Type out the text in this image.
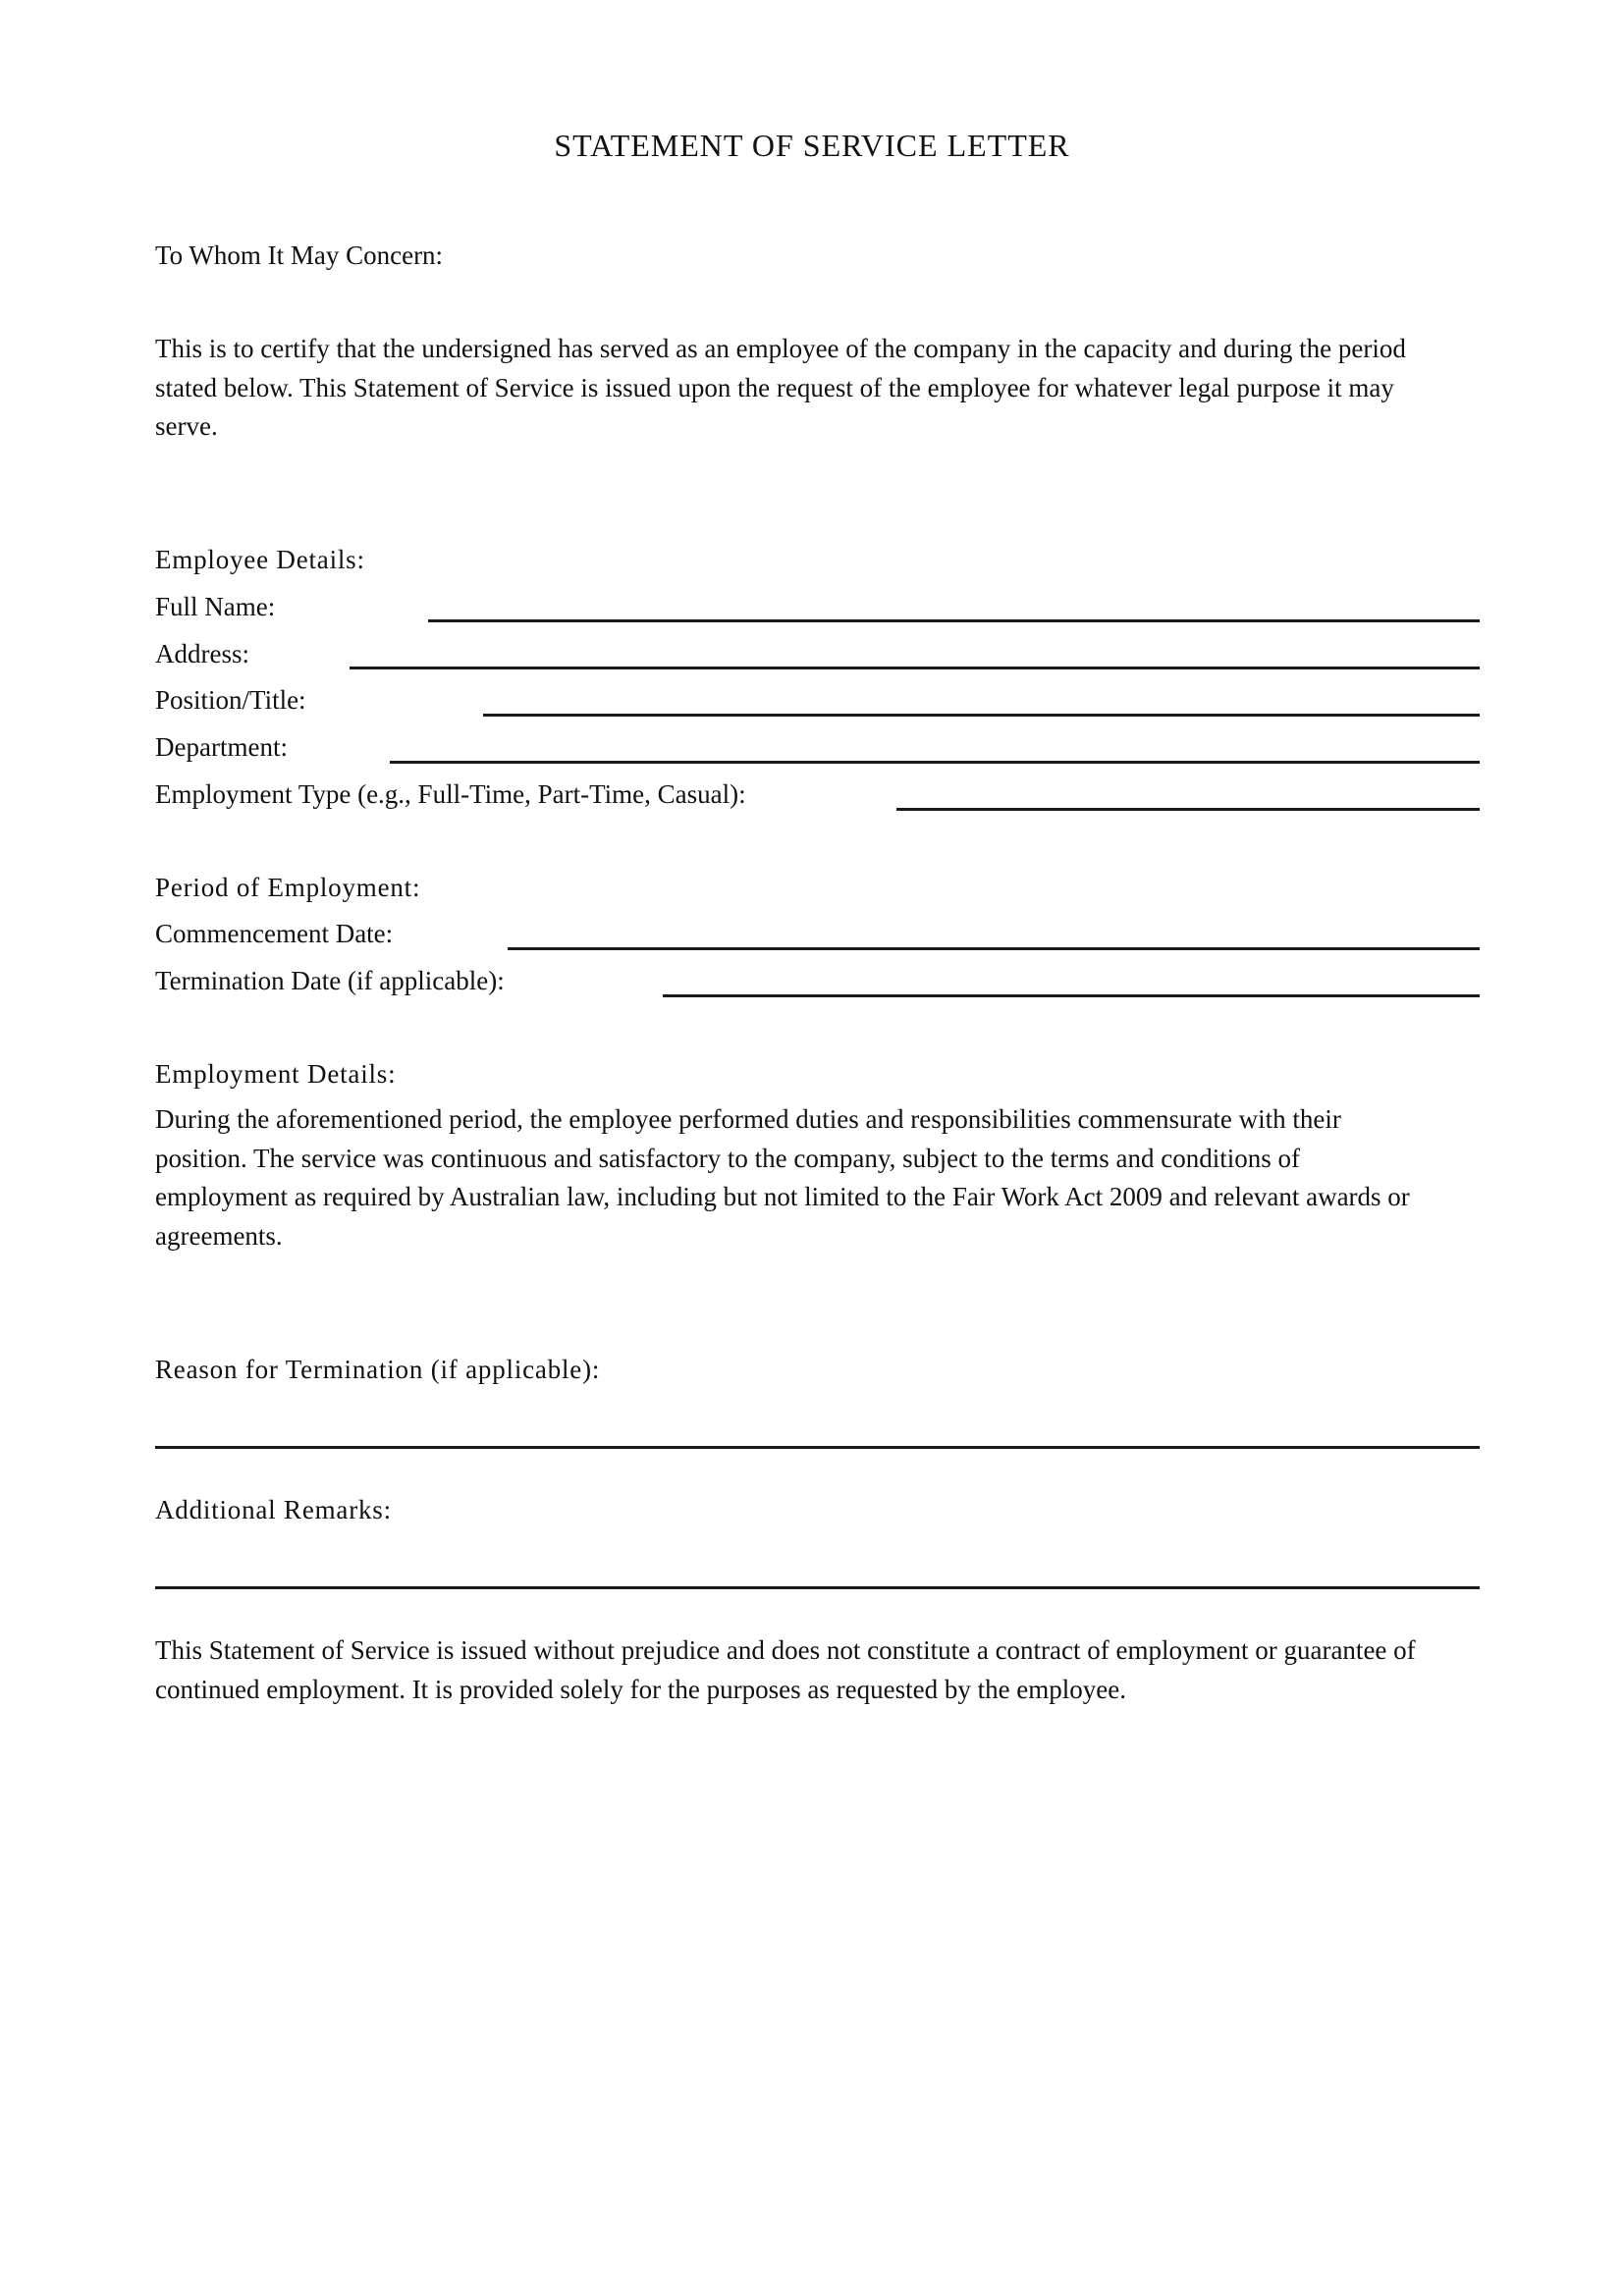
STATEMENT OF SERVICE LETTER
To Whom It May Concern:
This is to certify that the undersigned has served as an employee of the company in the capacity and during the period
stated below. This Statement of Service is issued upon the request of the employee for whatever legal purpose it may
serve.
Employee Details:
Full Name:
Address:
Position/Title:
Department:
Employment Type (e.g., Full-Time, Part-Time, Casual):
Period of Employment:
Commencement Date:
Termination Date (if applicable):
Employment Details:
During the aforementioned period, the employee performed duties and responsibilities commensurate with their
position. The service was continuous and satisfactory to the company, subject to the terms and conditions of
employment as required by Australian law, including but not limited to the Fair Work Act 2009 and relevant awards or
agreements.
Reason for Termination (if applicable):
Additional Remarks:
This Statement of Service is issued without prejudice and does not constitute a contract of employment or guarantee of
continued employment. It is provided solely for the purposes as requested by the employee.
